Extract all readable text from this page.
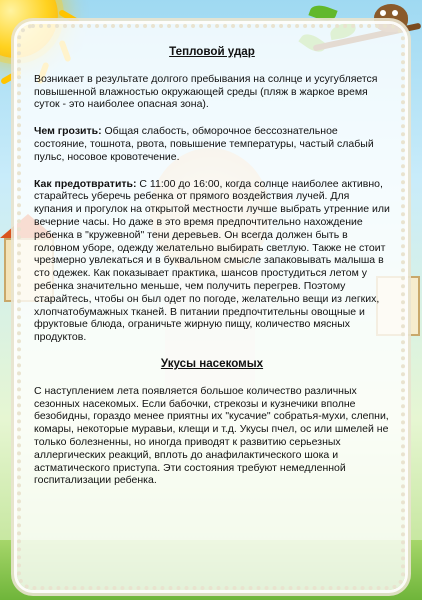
Тепловой удар

Возникает в результате долгого пребывания на солнце и усугубляется повышенной влажностью окружающей среды (пляж в жаркое время суток - это наиболее опасная зона).

Чем грозить: Общая слабость, обморочное бессознательное состояние, тошнота, рвота, повышение температуры, частый слабый пульс, носовое кровотечение.

Как предотвратить: С 11:00 до 16:00, когда солнце наиболее активно, старайтесь уберечь ребенка от прямого воздействия лучей. Для купания и прогулок на открытой местности лучше выбрать утренние или вечерние часы. Но даже в это время предпочтительно нахождение ребенка в "кружевной" тени деревьев. Он всегда должен быть в головном уборе, одежду желательно выбирать светлую. Также не стоит чрезмерно увлекаться и в буквальном смысле запаковывать малыша в сто одежек. Как показывает практика, шансов простудиться летом у ребенка значительно меньше, чем получить перегрев. Поэтому старайтесь, чтобы он был одет по погоде, желательно вещи из легких, хлопчатобумажных тканей. В питании предпочтительны овощные и фруктовые блюда, ограничьте жирную пищу, количество мясных продуктов.

Укусы насекомых

С наступлением лета появляется большое количество различных сезонных насекомых. Если бабочки, стрекозы и кузнечики вполне безобидны, гораздо менее приятны их "кусачие" собратья-мухи, слепни, комары, некоторые муравьи, клещи и т.д. Укусы пчел, ос или шмелей не только болезненны, но иногда приводят к развитию серьезных аллергических реакций, вплоть до анафилактического шока и астматического приступа. Эти состояния требуют немедленной госпитализации ребенка.
